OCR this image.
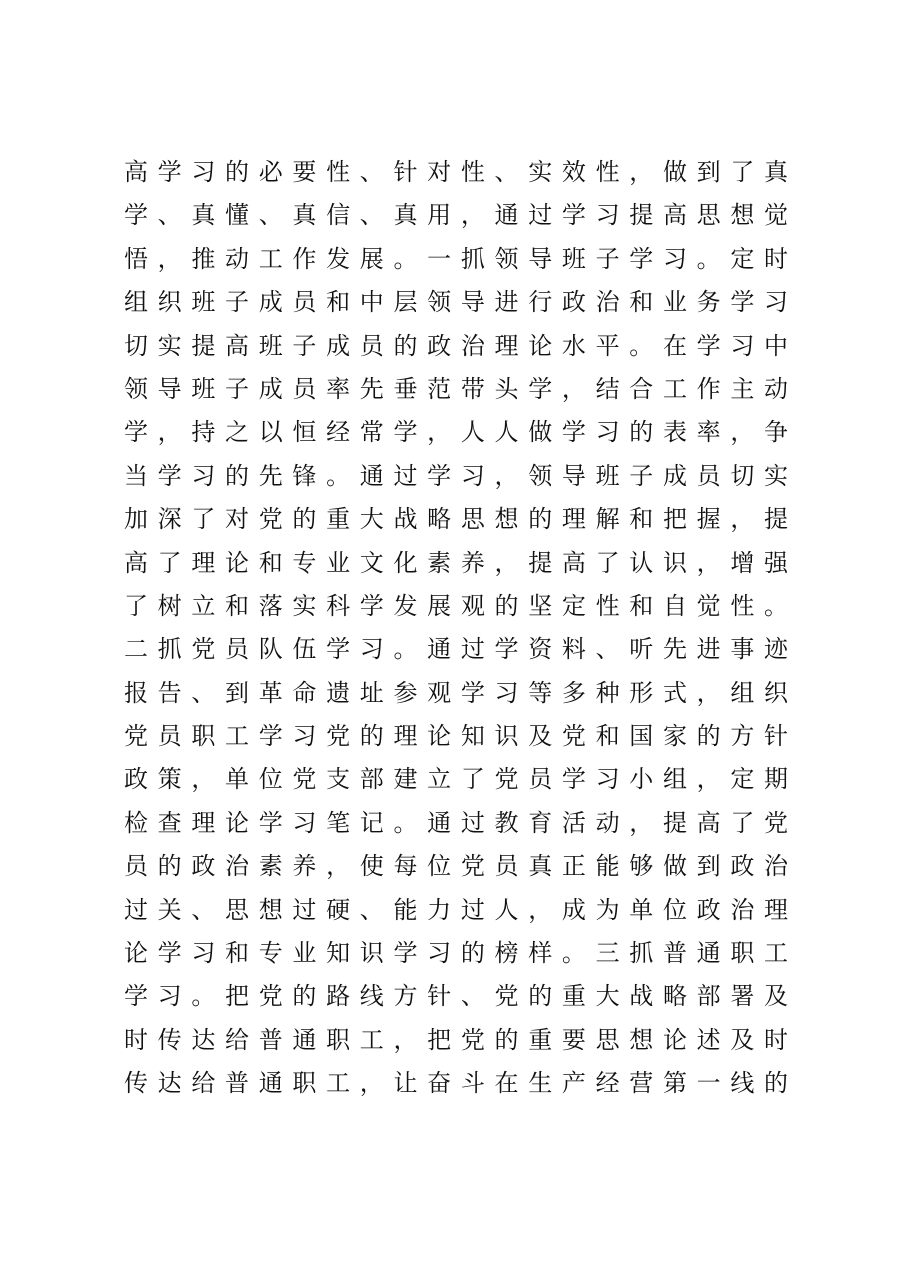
高学习的必要性、针对性、实效性，做到了真
学、真懂、真信、真用，通过学习提高思想觉
悟，推动工作发展。一抓领导班子学习。定时
组织班子成员和中层领导进行政治和业务学习
切实提高班子成员的政治理论水平。在学习中
领导班子成员率先垂范带头学，结合工作主动
学，持之以恒经常学，人人做学习的表率，争
当学习的先锋。通过学习，领导班子成员切实
加深了对党的重大战略思想的理解和把握，提
高了理论和专业文化素养，提高了认识，增强
了树立和落实科学发展观的坚定性和自觉性。
二抓党员队伍学习。通过学资料、听先进事迹
报告、到革命遗址参观学习等多种形式，组织
党员职工学习党的理论知识及党和国家的方针
政策，单位党支部建立了党员学习小组，定期
检查理论学习笔记。通过教育活动，提高了党
员的政治素养，使每位党员真正能够做到政治
过关、思想过硬、能力过人，成为单位政治理
论学习和专业知识学习的榜样。三抓普通职工
学习。把党的路线方针、党的重大战略部署及
时传达给普通职工，把党的重要思想论述及时
传达给普通职工，让奋斗在生产经营第一线的
